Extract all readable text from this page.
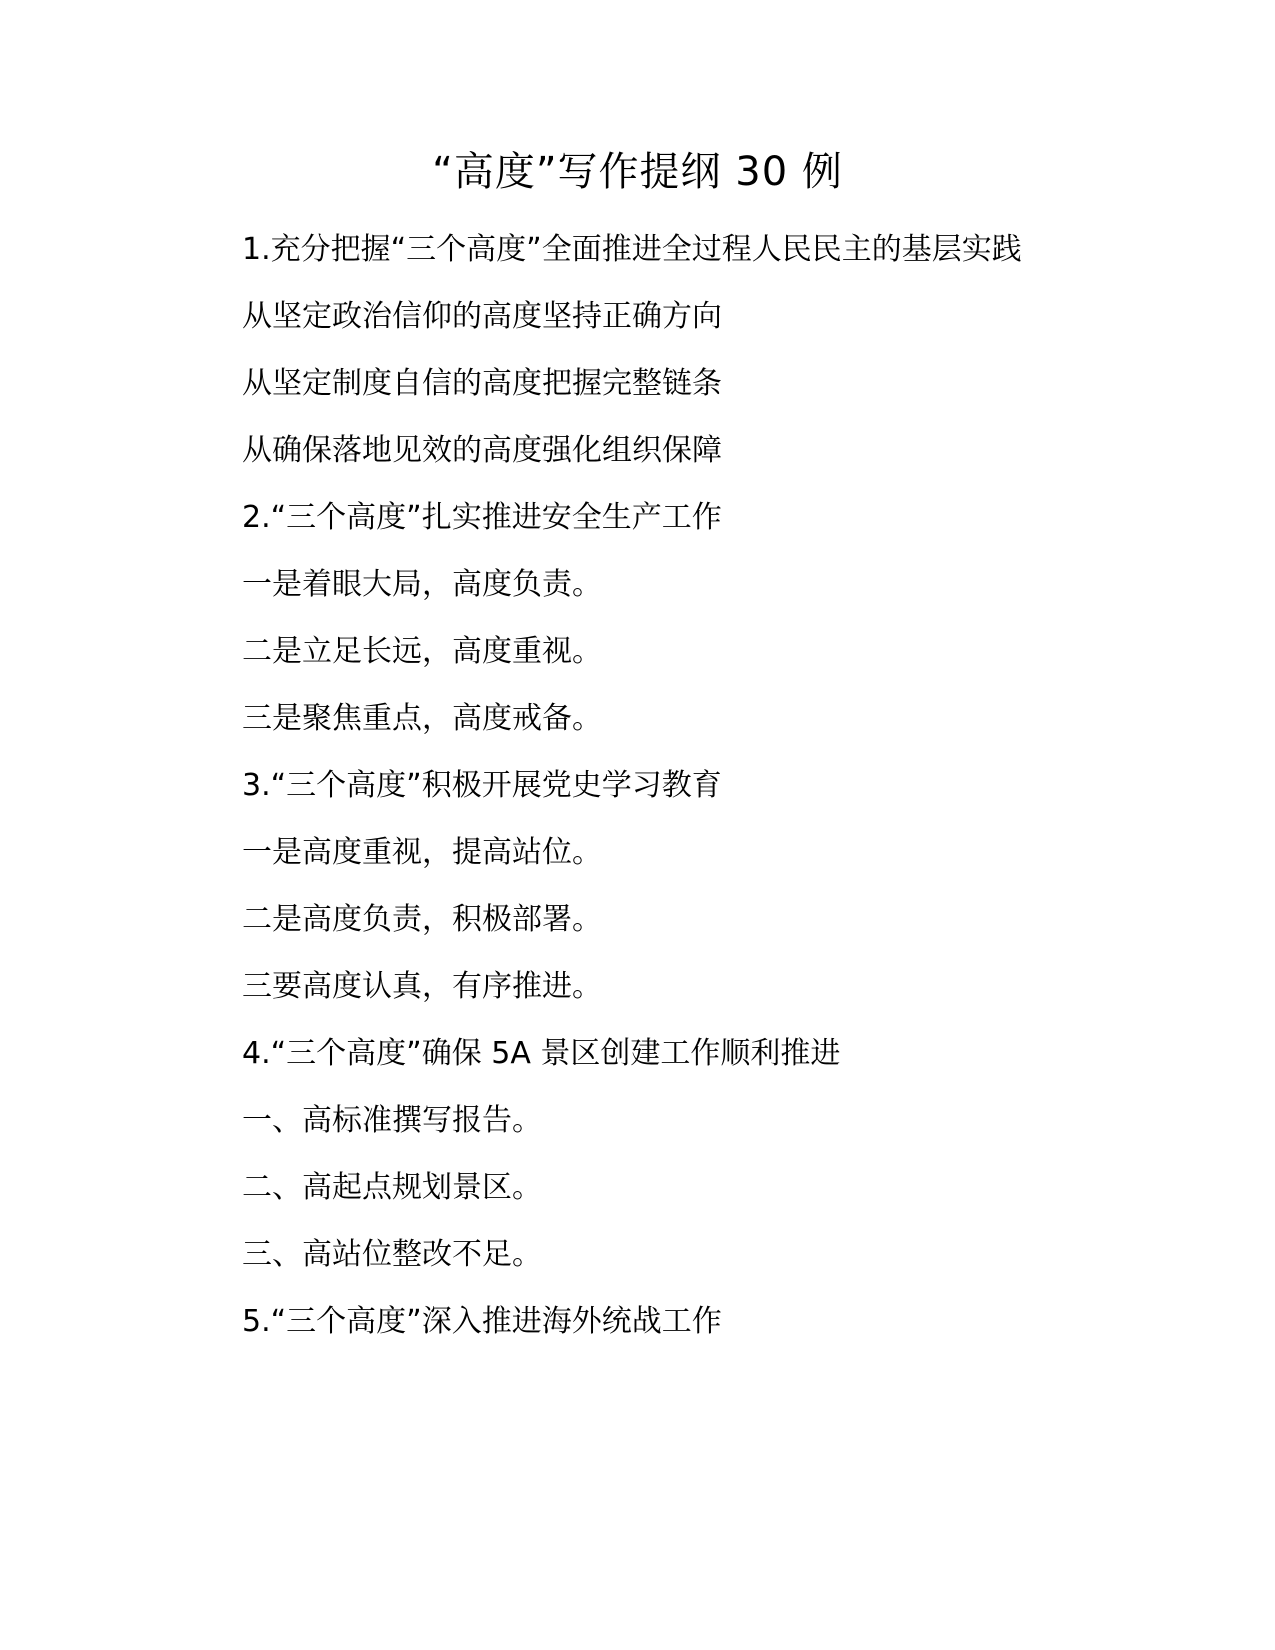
“高度”写作提纲 30 例

1.充分把握“三个高度”全面推进全过程人民民主的基层实践

从坚定政治信仰的高度坚持正确方向

从坚定制度自信的高度把握完整链条

从确保落地见效的高度强化组织保障

2.“三个高度”扎实推进安全生产工作

一是着眼大局，高度负责。

二是立足长远，高度重视。

三是聚焦重点，高度戒备。

3.“三个高度”积极开展党史学习教育

一是高度重视，提高站位。

二是高度负责，积极部署。

三要高度认真，有序推进。

4.“三个高度”确保 5A 景区创建工作顺利推进

一、高标准撰写报告。

二、高起点规划景区。

三、高站位整改不足。

5.“三个高度”深入推进海外统战工作
